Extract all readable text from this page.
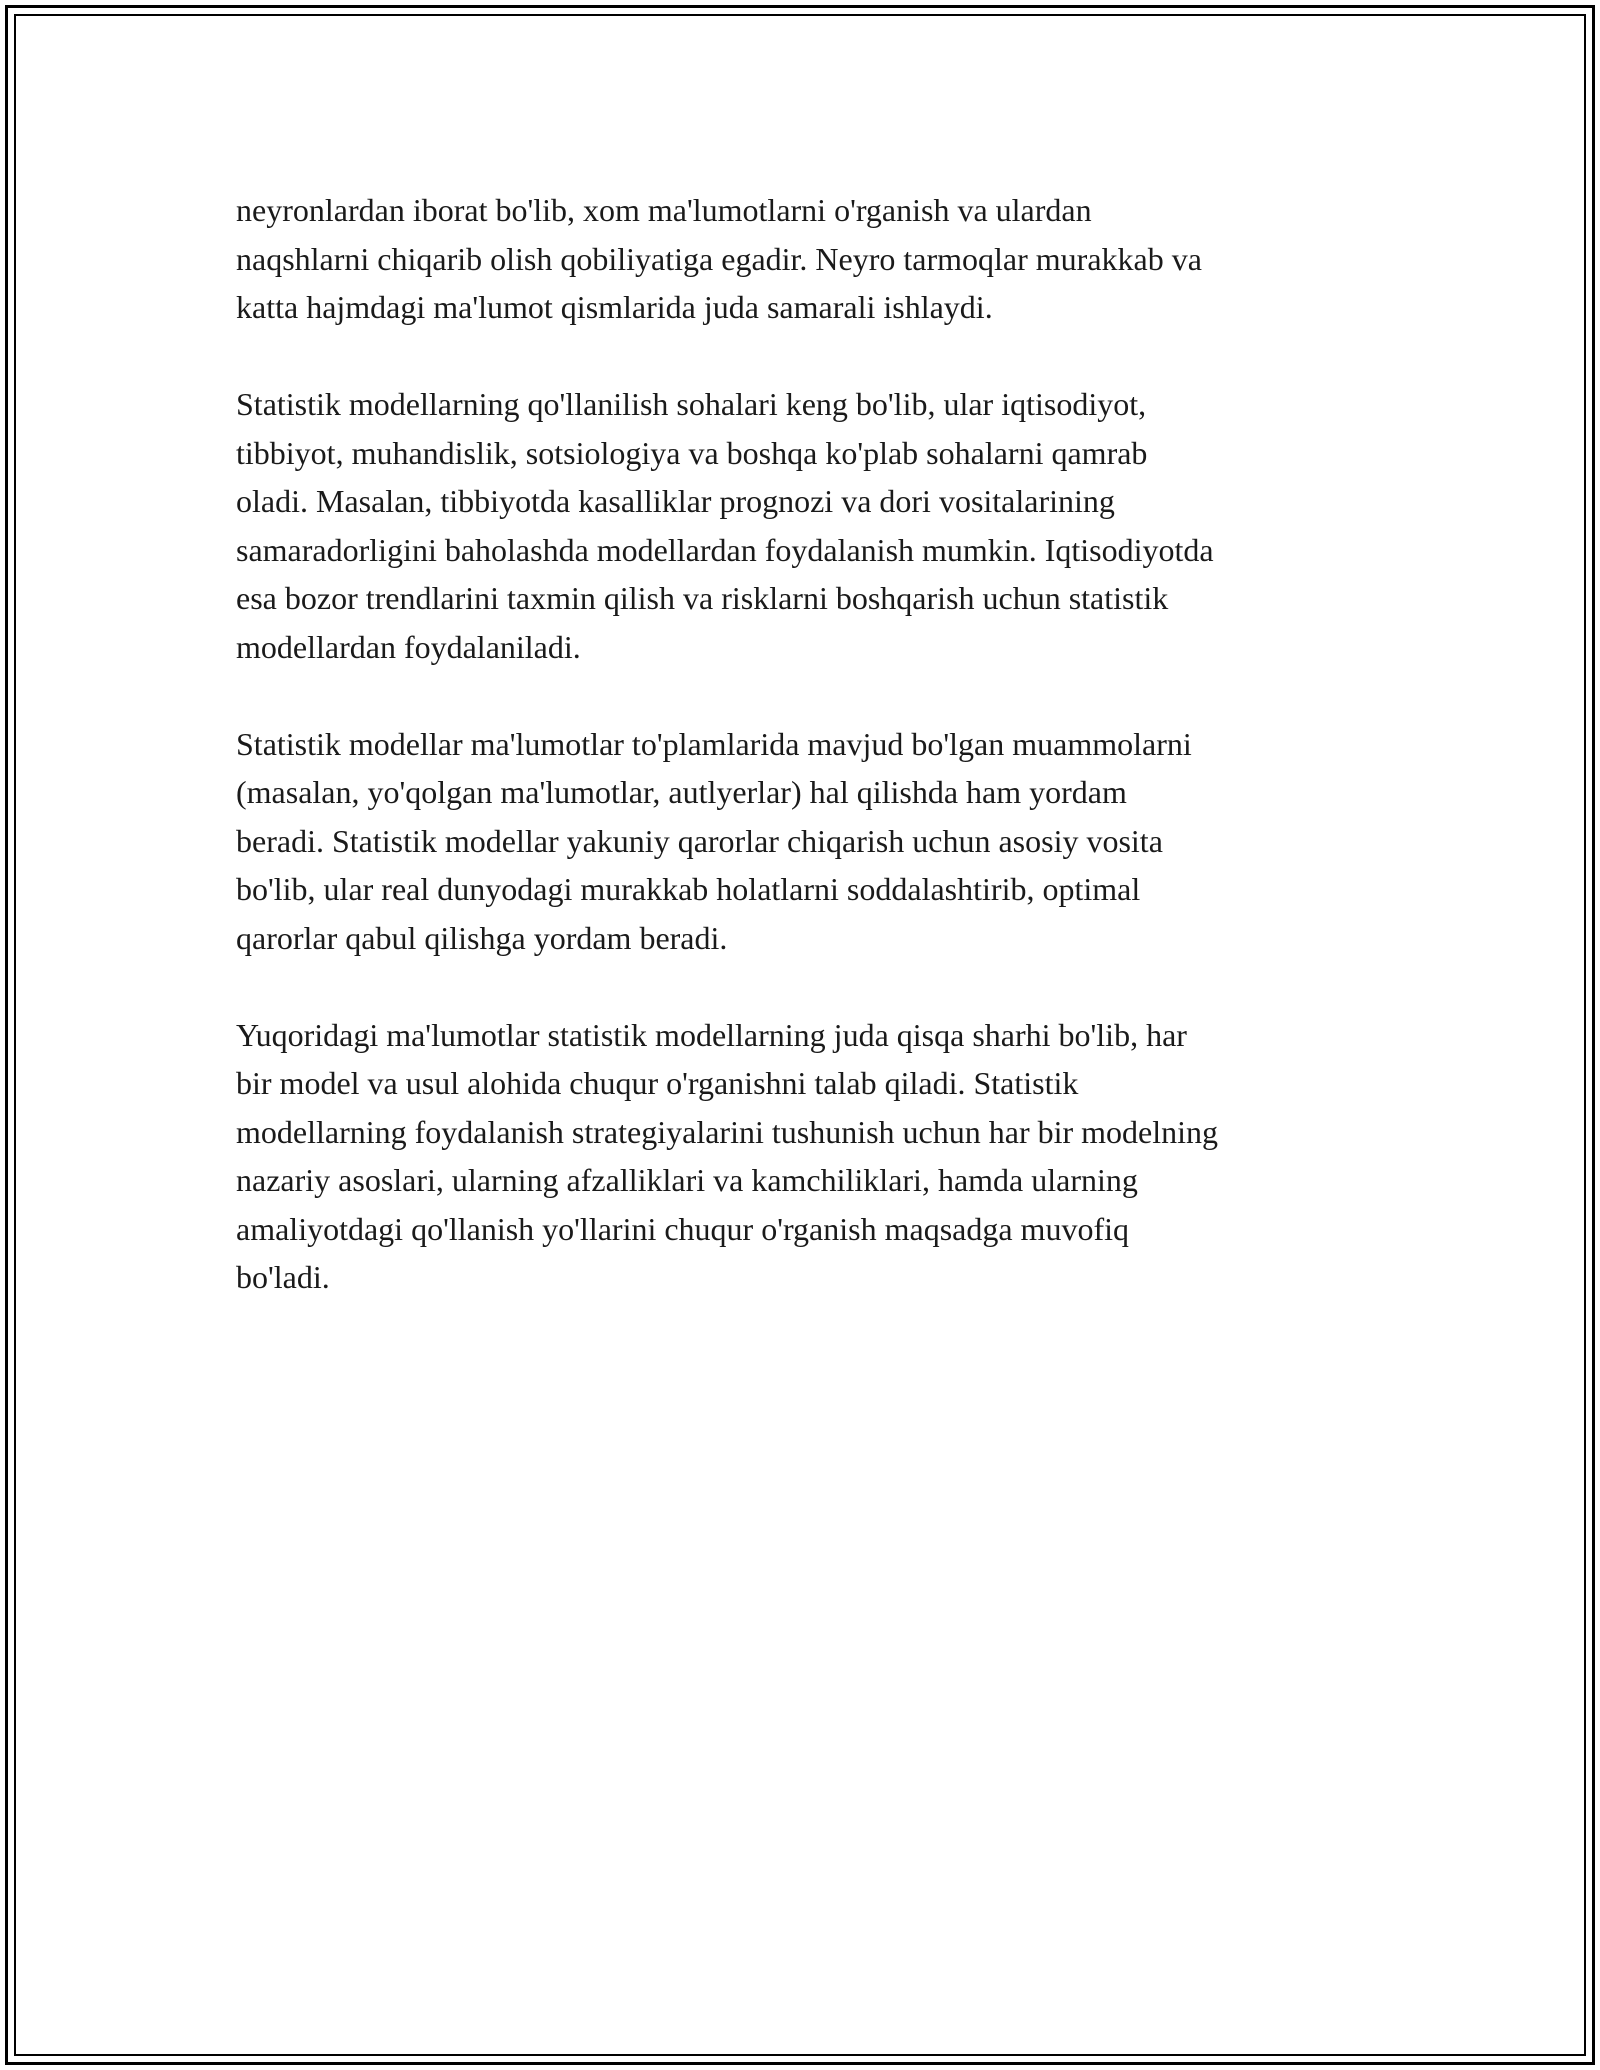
neyronlardan iborat bo'lib, xom ma'lumotlarni o'rganish va ulardan
naqshlarni chiqarib olish qobiliyatiga egadir. Neyro tarmoqlar murakkab va
katta hajmdagi ma'lumot qismlarida juda samarali ishlaydi.

Statistik modellarning qo'llanilish sohalari keng bo'lib, ular iqtisodiyot,
tibbiyot, muhandislik, sotsiologiya va boshqa ko'plab sohalarni qamrab
oladi. Masalan, tibbiyotda kasalliklar prognozi va dori vositalarining
samaradorligini baholashda modellardan foydalanish mumkin. Iqtisodiyotda
esa bozor trendlarini taxmin qilish va risklarni boshqarish uchun statistik
modellardan foydalaniladi.

Statistik modellar ma'lumotlar to'plamlarida mavjud bo'lgan muammolarni
(masalan, yo'qolgan ma'lumotlar, autlyerlar) hal qilishda ham yordam
beradi. Statistik modellar yakuniy qarorlar chiqarish uchun asosiy vosita
bo'lib, ular real dunyodagi murakkab holatlarni soddalashtirib, optimal
qarorlar qabul qilishga yordam beradi.

Yuqoridagi ma'lumotlar statistik modellarning juda qisqa sharhi bo'lib, har
bir model va usul alohida chuqur o'rganishni talab qiladi. Statistik
modellarning foydalanish strategiyalarini tushunish uchun har bir modelning
nazariy asoslari, ularning afzalliklari va kamchiliklari, hamda ularning
amaliyotdagi qo'llanish yo'llarini chuqur o'rganish maqsadga muvofiq
bo'ladi.
